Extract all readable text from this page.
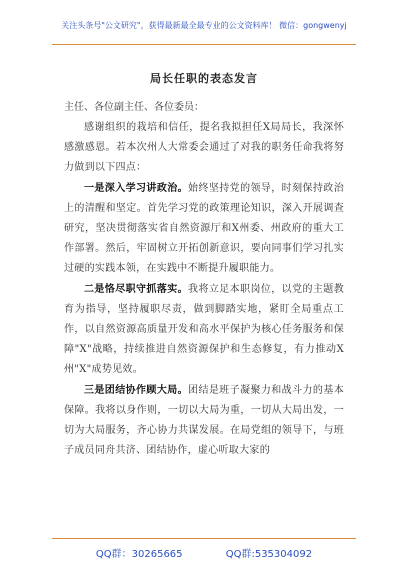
关注头条号"公文研究"，获得最新最全最专业的公文资料库！ 微信：gongwenyj
局长任职的表态发言
主任、各位副主任、各位委员：

感谢组织的栽培和信任，提名我拟担任X局局长，我深怀感激感恩。若本次州人大常委会通过了对我的职务任命我将努力做到以下四点：

一是深入学习讲政治。始终坚持党的领导，时刻保持政治上的清醒和坚定。首先学习党的政策理论知识，深入开展调查研究，坚决贯彻落实省自然资源厅和X州委、州政府的重大工作部署。然后，牢固树立开拓创新意识，要向同事们学习扎实过硬的实践本领，在实践中不断提升履职能力。

二是恪尽职守抓落实。我将立足本职岗位，以党的主题教育为指导，坚持履职尽责，做到脚踏实地，紧盯全局重点工作，以自然资源高质量开发和高水平保护为核心任务服务和保障"X"战略，持续推进自然资源保护和生态修复，有力推动X州"X"成势见效。

三是团结协作顾大局。团结是班子凝聚力和战斗力的基本保障。我将以身作则，一切以大局为重，一切从大局出发，一切为大局服务，齐心协力共谋发展。在局党组的领导下，与班子成员同舟共济、团结协作，虚心听取大家的

QQ群：30265665	QQ群:535304092
